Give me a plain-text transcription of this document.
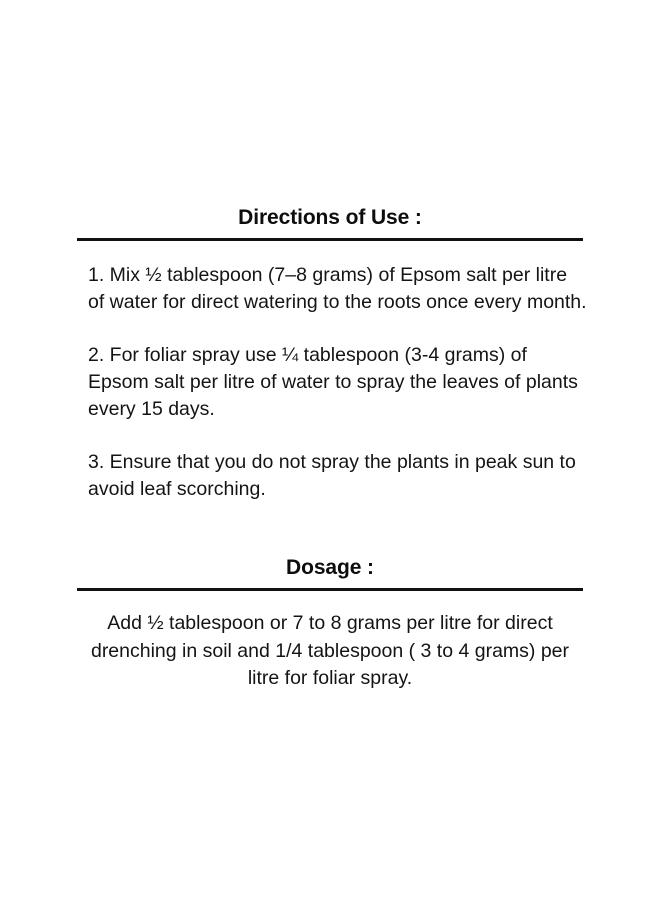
Directions of Use :

1. Mix ½ tablespoon (7–8 grams) of Epsom salt per litre of water for direct watering to the roots once every month.

2. For foliar spray use ¼ tablespoon (3-4 grams) of Epsom salt per litre of water to spray the leaves of plants every 15 days.

3. Ensure that you do not spray the plants in peak sun to avoid leaf scorching.

Dosage :

Add ½ tablespoon or 7 to 8 grams per litre for direct drenching in soil and 1/4 tablespoon ( 3 to 4 grams) per litre for foliar spray.
